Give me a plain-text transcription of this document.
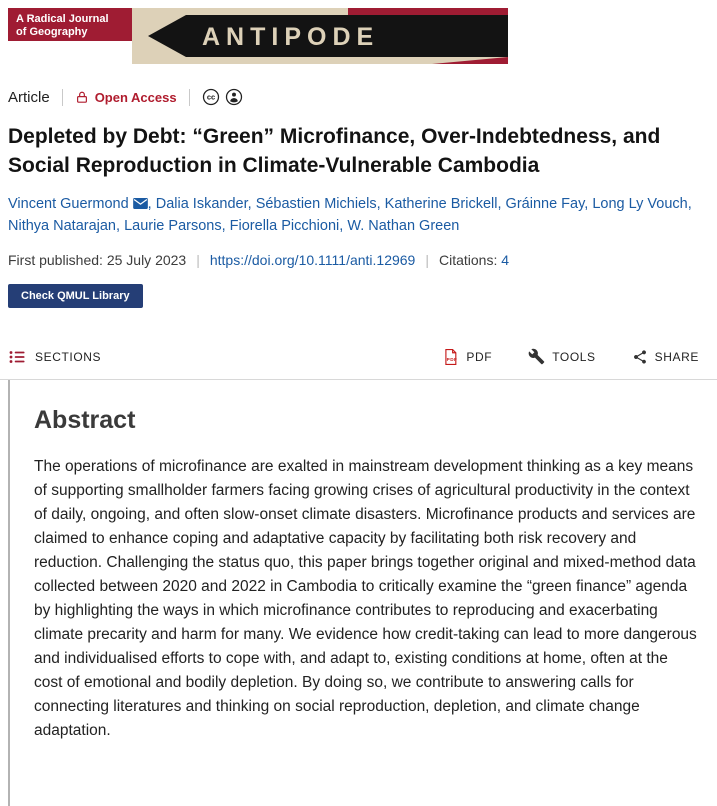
A Radical Journal
of Geography	ANTIPODE
Article	Open Access	cc
Depleted by Debt: “Green” Microfinance, Over-Indebtedness, and Social Reproduction in Climate-Vulnerable Cambodia

Vincent Guermond , Dalia Iskander, Sébastien Michiels, Katherine Brickell, Gráinne Fay, Long Ly Vouch, Nithya Natarajan, Laurie Parsons, Fiorella Picchioni, W. Nathan Green

First published: 25 July 2023 | https://doi.org/10.1111/anti.12969 | Citations: 4
Check QMUL Library
SECTIONS	PDF PDF	TOOLS	SHARE
Abstract

The operations of microfinance are exalted in mainstream development thinking as a key means of supporting smallholder farmers facing growing crises of agricultural productivity in the context of daily, ongoing, and often slow-onset climate disasters. Microfinance products and services are claimed to enhance coping and adaptative capacity by facilitating both risk recovery and reduction. Challenging the status quo, this paper brings together original and mixed-method data collected between 2020 and 2022 in Cambodia to critically examine the “green finance” agenda by highlighting the ways in which microfinance contributes to reproducing and exacerbating climate precarity and harm for many. We evidence how credit-taking can lead to more dangerous and individualised efforts to cope with, and adapt to, existing conditions at home, often at the cost of emotional and bodily depletion. By doing so, we contribute to answering calls for connecting literatures and thinking on social reproduction, depletion, and climate change adaptation.
